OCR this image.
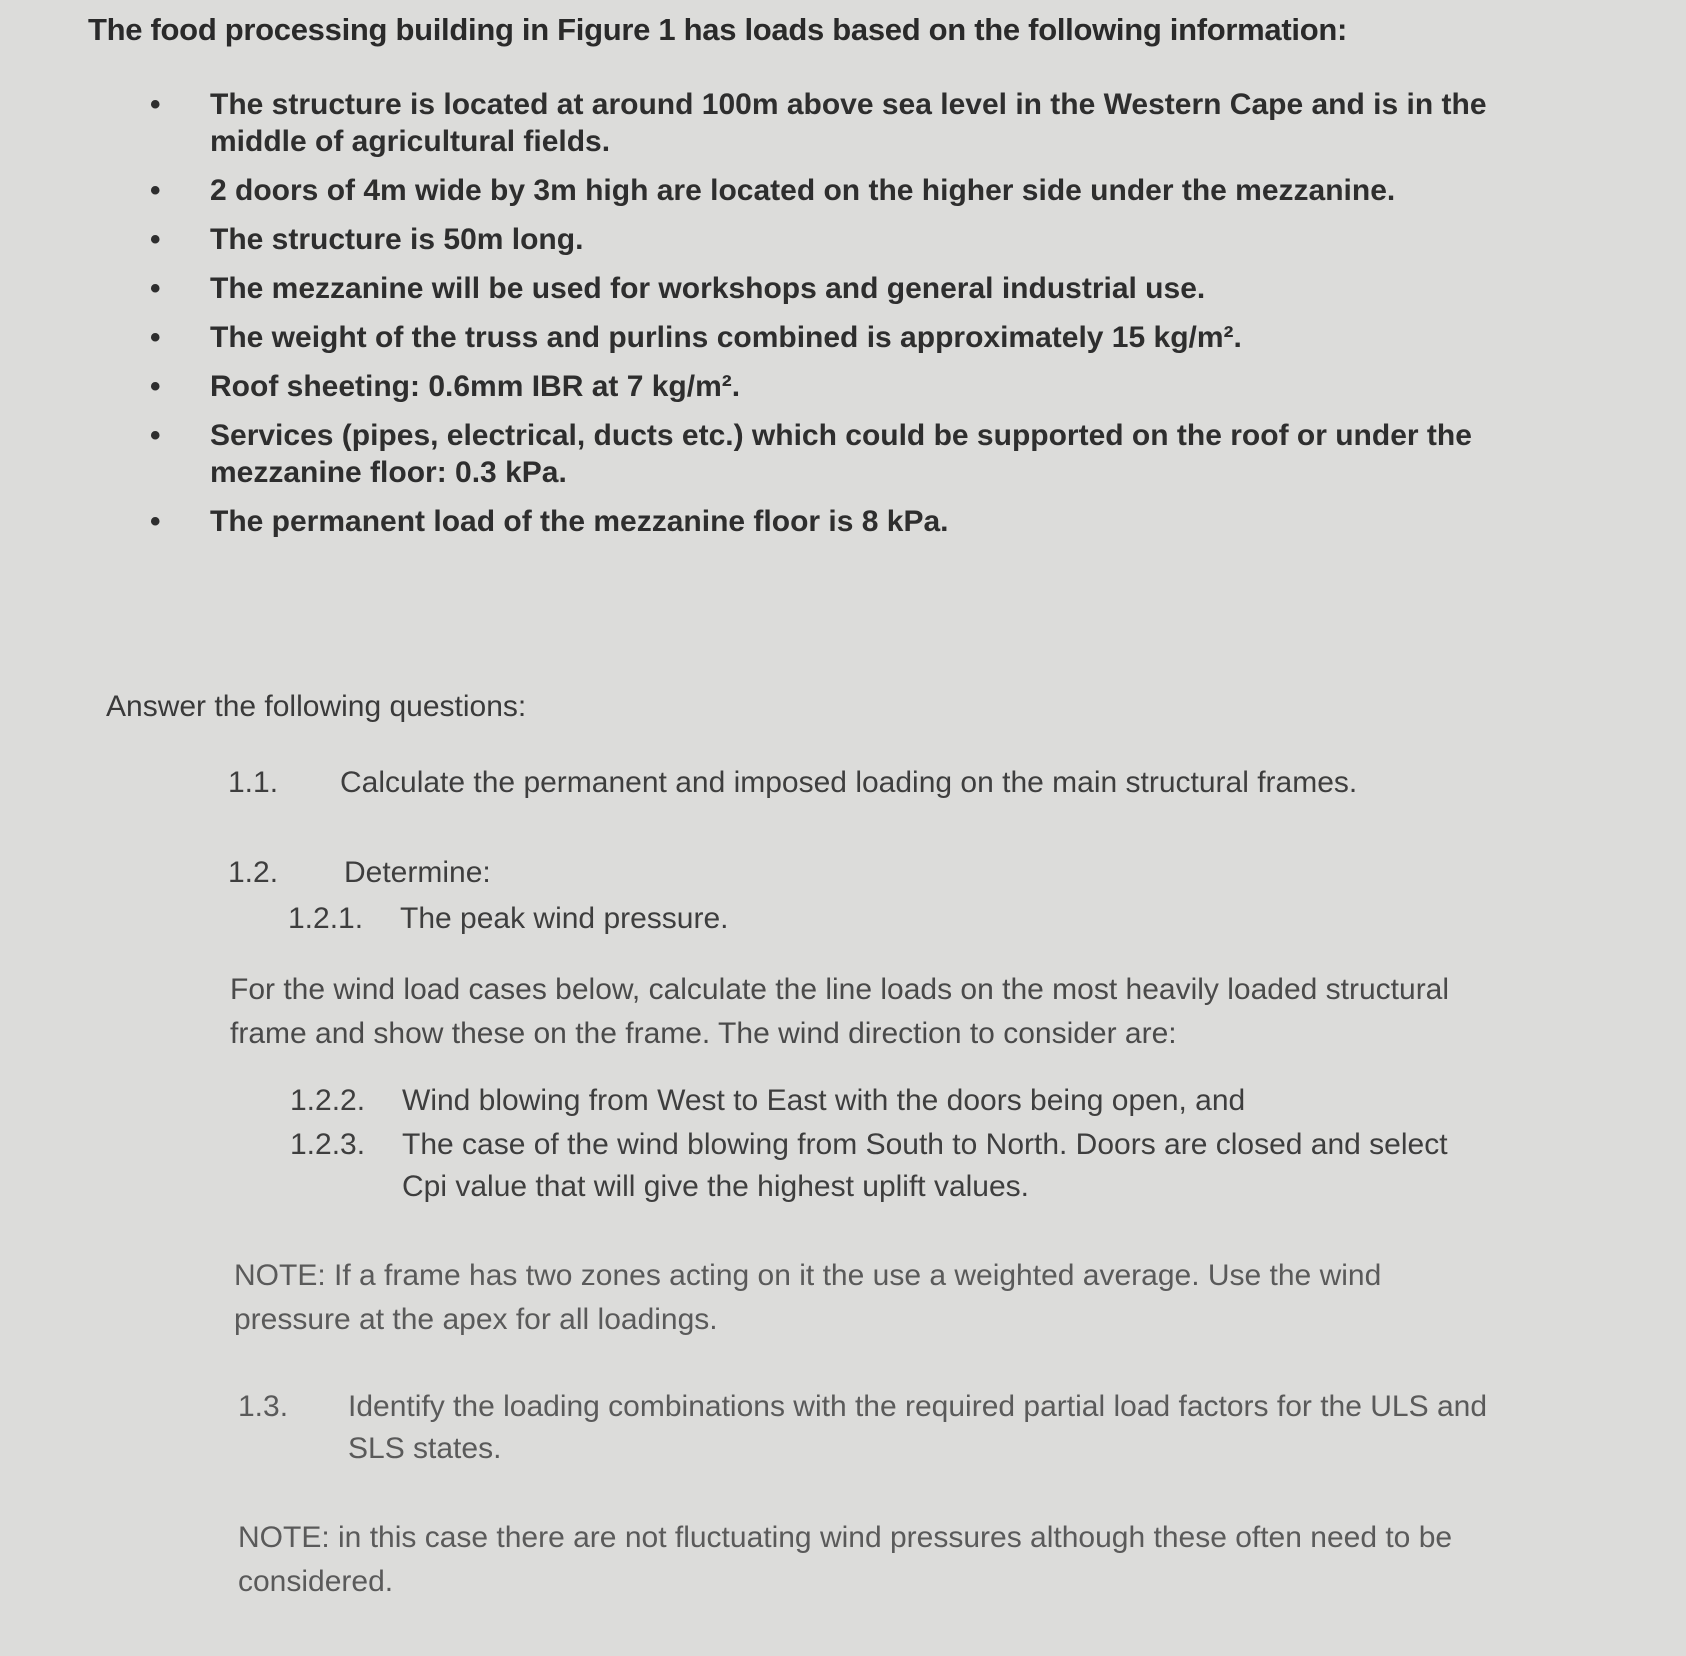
The food processing building in Figure 1 has loads based on the following information:
• The structure is located at around 100m above sea level in the Western Cape and is in the middle of agricultural fields.
• 2 doors of 4m wide by 3m high are located on the higher side under the mezzanine.
• The structure is 50m long.
• The mezzanine will be used for workshops and general industrial use.
• The weight of the truss and purlins combined is approximately 15 kg/m².
• Roof sheeting: 0.6mm IBR at 7 kg/m².
• Services (pipes, electrical, ducts etc.) which could be supported on the roof or under the mezzanine floor: 0.3 kPa.
• The permanent load of the mezzanine floor is 8 kPa.
Answer the following questions:
1.1. Calculate the permanent and imposed loading on the main structural frames.
1.2. Determine:
1.2.1. The peak wind pressure.
For the wind load cases below, calculate the line loads on the most heavily loaded structural frame and show these on the frame. The wind direction to consider are:
1.2.2.	Wind blowing from West to East with the doors being open, and
1.2.3.	The case of the wind blowing from South to North. Doors are closed and select Cpi value that will give the highest uplift values.
NOTE: If a frame has two zones acting on it the use a weighted average. Use the wind pressure at the apex for all loadings.
1.3.	Identify the loading combinations with the required partial load factors for the ULS and SLS states.
NOTE: in this case there are not fluctuating wind pressures although these often need to be considered.
